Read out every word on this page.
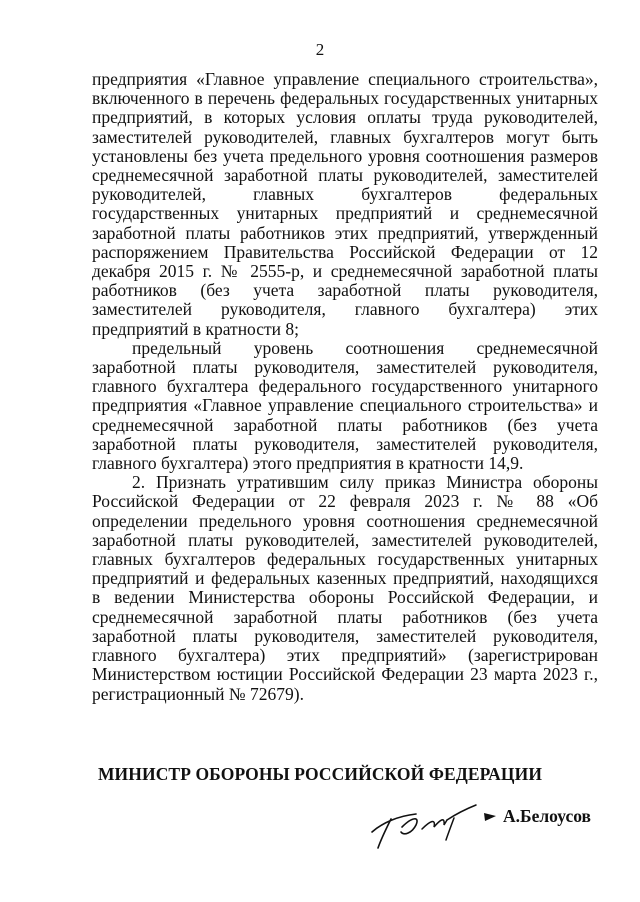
2

предприятия «Главное управление специального строительства», включенного в перечень федеральных государственных унитарных предприятий, в которых условия оплаты труда руководителей, заместителей руководителей, главных бухгалтеров могут быть установлены без учета предельного уровня соотношения размеров среднемесячной заработной платы руководителей, заместителей руководителей, главных бухгалтеров федеральных государственных унитарных предприятий и среднемесячной заработной платы работников этих предприятий, утвержденный распоряжением Правительства Российской Федерации от 12 декабря 2015 г. № 2555-р, и среднемесячной заработной платы работников (без учета заработной платы руководителя, заместителей руководителя, главного бухгалтера) этих предприятий в кратности 8;

предельный уровень соотношения среднемесячной заработной платы руководителя, заместителей руководителя, главного бухгалтера федерального государственного унитарного предприятия «Главное управление специального строительства» и среднемесячной заработной платы работников (без учета заработной платы руководителя, заместителей руководителя, главного бухгалтера) этого предприятия в кратности 14,9.

2. Признать утратившим силу приказ Министра обороны Российской Федерации от 22 февраля 2023 г. № 88 «Об определении предельного уровня соотношения среднемесячной заработной платы руководителей, заместителей руководителей, главных бухгалтеров федеральных государственных унитарных предприятий и федеральных казенных предприятий, находящихся в ведении Министерства обороны Российской Федерации, и среднемесячной заработной платы работников (без учета заработной платы руководителя, заместителей руководителя, главного бухгалтера) этих предприятий» (зарегистрирован Министерством юстиции Российской Федерации 23 марта 2023 г., регистрационный № 72679).

МИНИСТР ОБОРОНЫ РОССИЙСКОЙ ФЕДЕРАЦИИ
А.Белоусов
